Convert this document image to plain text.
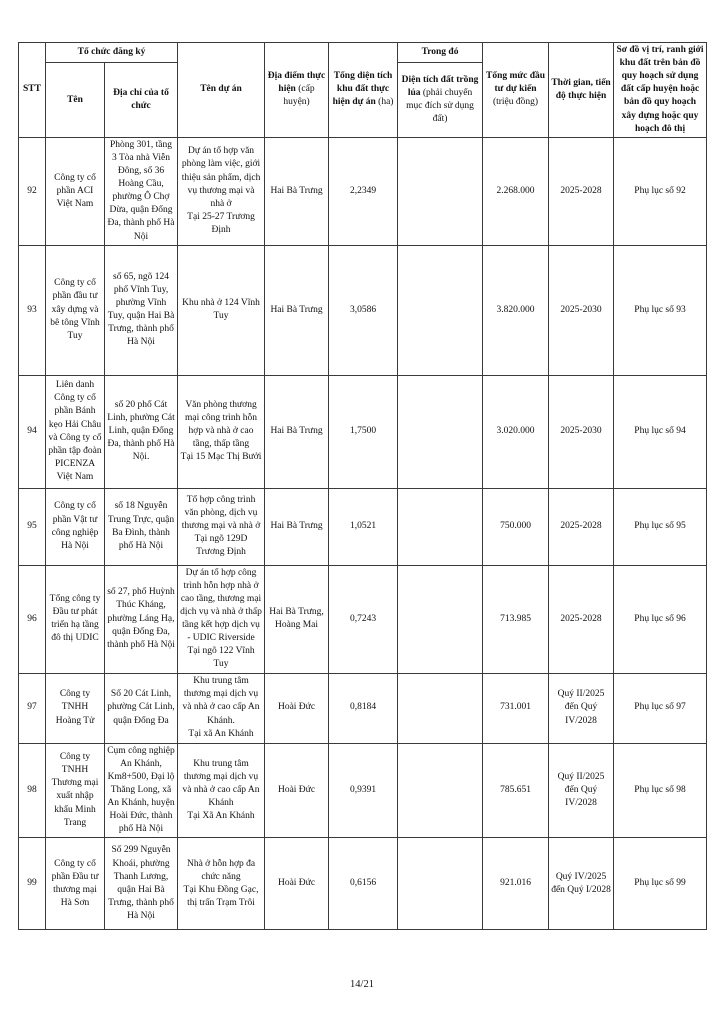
STT	Tổ chức đăng ký		Tên dự án	Địa điểm thực hiện (cấp huyện)	Tổng diện tích khu đất thực hiện dự án (ha)	Trong đó	Tổng mức đầu tư dự kiến (triệu đồng)	Thời gian, tiến độ thực hiện	Sơ đồ vị trí, ranh giới khu đất trên bản đồ quy hoạch sử dụng đất cấp huyện hoặc bản đồ quy hoạch xây dựng hoặc quy hoạch đô thị
	Tên	Địa chỉ của tổ chức				Diện tích đất trồng lúa (phải chuyển mục đích sử dụng đất)			
92	Công ty cổ phần ACI Việt Nam	Phòng 301, tầng 3 Tòa nhà Viễn Đông, số 36 Hoàng Cầu, phường Ô Chợ Dừa, quận Đống Đa, thành phố Hà Nội	Dự án tổ hợp văn phòng làm việc, giới thiệu sản phẩm, dịch vụ thương mại và nhà ở
Tại 25-27 Trương Định	Hai Bà Trưng	2,2349		2.268.000	2025-2028	Phụ lục số 92
93	Công ty cổ phần đầu tư xây dựng và bê tông Vĩnh Tuy	số 65, ngõ 124 phố Vĩnh Tuy, phường Vĩnh Tuy, quận Hai Bà Trưng, thành phố Hà Nội	Khu nhà ở 124 Vĩnh Tuy	Hai Bà Trưng	3,0586		3.820.000	2025-2030	Phụ lục số 93
94	Liên danh Công ty cổ phần Bánh kẹo Hải Châu và Công ty cổ phần tập đoàn PICENZA Việt Nam	số 20 phố Cát Linh, phường Cát Linh, quận Đống Đa, thành phố Hà Nội.	Văn phòng thương mại công trình hỗn hợp và nhà ở cao tầng, thấp tầng
Tại 15 Mạc Thị Bưởi	Hai Bà Trưng	1,7500		3.020.000	2025-2030	Phụ lục số 94
95	Công ty cổ phần Vật tư công nghiệp Hà Nội	số 18 Nguyễn Trung Trực, quận Ba Đình, thành phố Hà Nội	Tổ hợp công trình văn phòng, dịch vụ thương mại và nhà ở
Tại ngõ 129D Trương Định	Hai Bà Trưng	1,0521		750.000	2025-2028	Phụ lục số 95
96	Tổng công ty Đầu tư phát triển hạ tầng đô thị UDIC	số 27, phố Huỳnh Thúc Kháng, phường Láng Hạ, quận Đống Đa, thành phố Hà Nội	Dự án tổ hợp công trình hỗn hợp nhà ở cao tầng, thương mại dịch vụ và nhà ở thấp tầng kết hợp dịch vụ - UDIC Riverside
Tại ngõ 122 Vĩnh Tuy	Hai Bà Trưng, Hoàng Mai	0,7243		713.985	2025-2028	Phụ lục số 96
97	Công ty TNHH Hoàng Tử	Số 20 Cát Linh, phường Cát Linh, quận Đống Đa	Khu trung tâm thương mại dịch vụ và nhà ở cao cấp An Khánh.
Tại xã An Khánh	Hoài Đức	0,8184		731.001	Quý II/2025 đến Quý IV/2028	Phụ lục số 97
98	Công ty TNHH Thương mại xuất nhập khẩu Minh Trang	Cụm công nghiệp An Khánh, Km8+500, Đại lộ Thăng Long, xã An Khánh, huyện Hoài Đức, thành phố Hà Nội	Khu trung tâm thương mại dịch vụ và nhà ở cao cấp An Khánh
Tại Xã An Khánh	Hoài Đức	0,9391		785.651	Quý II/2025 đến Quý IV/2028	Phụ lục số 98
99	Công ty cổ phần Đầu tư thương mại Hà Sơn	Số 299 Nguyễn Khoái, phường Thanh Lương, quận Hai Bà Trưng, thành phố Hà Nội	Nhà ở hỗn hợp đa chức năng
Tại Khu Đồng Gạc, thị trấn Trạm Trôi	Hoài Đức	0,6156		921.016	Quý IV/2025 đến Quý I/2028	Phụ lục số 99
14/21
